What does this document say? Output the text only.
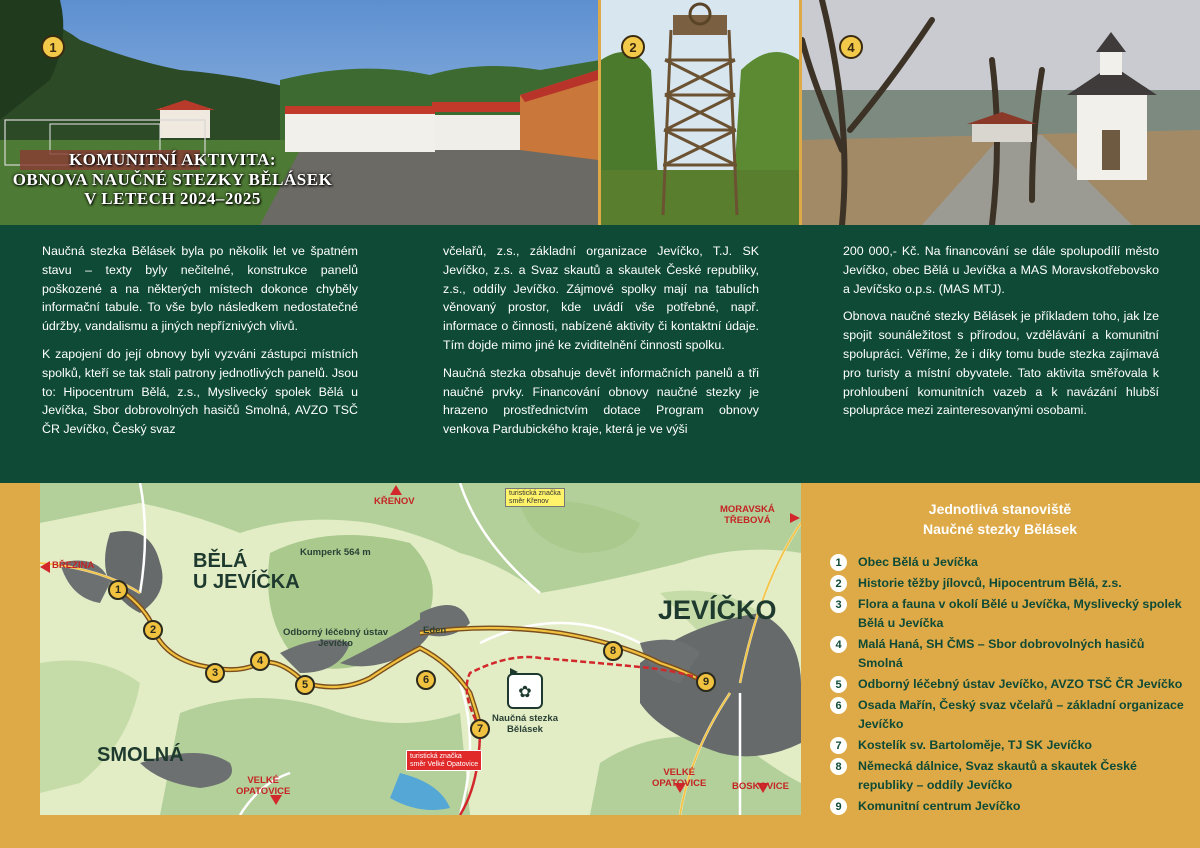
1
KOMUNITNÍ AKTIVITA:
OBNOVA NAUČNÉ STEZKY BĚLÁSEK
V LETECH 2024–2025
2	4

Naučná stezka Bělásek byla po několik let ve špatném stavu – texty byly nečitelné, konstrukce panelů poškozené a na některých místech dokonce chyběly informační tabule. To vše bylo následkem nedostatečné údržby, vandalismu a jiných nepříznivých vlivů.

K zapojení do její obnovy byli vyzváni zástupci místních spolků, kteří se tak stali patrony jednotlivých panelů. Jsou to: Hipocentrum Bělá, z.s., Myslivecký spolek Bělá u Jevíčka, Sbor dobrovolných hasičů Smolná, AVZO TSČ ČR Jevíčko, Český svaz

včelařů, z.s., základní organizace Jevíčko, T.J. SK Jevíčko, z.s. a Svaz skautů a skautek České republiky, z.s., oddíly Jevíčko. Zájmové spolky mají na tabulích věnovaný prostor, kde uvádí vše potřebné, např. informace o činnosti, nabízené aktivity či kontaktní údaje. Tím dojde mimo jiné ke zviditelnění činnosti spolku.

Naučná stezka obsahuje devět informačních panelů a tři naučné prvky. Financování obnovy naučné stezky je hrazeno prostřednictvím dotace Program obnovy venkova Pardubického kraje, která je ve výši

200 000,- Kč. Na financování se dále spolupodílí město Jevíčko, obec Bělá u Jevíčka a MAS Moravskotřebovsko a Jevíčsko o.p.s. (MAS MTJ).

Obnova naučné stezky Bělásek je příkladem toho, jak lze spojit sounáležitost s přírodou, vzdělávání a komunitní spolupráci. Věříme, že i díky tomu bude stezka zajímavá pro turisty a místní obyvatele. Tato aktivita směřovala k prohloubení komunitních vazeb a k navázání hlubší spolupráce mezi zainteresovanými osobami.

BĚLÁ
U JEVÍČKA
JEVÍČKO
SMOLNÁ
Kumperk 564 m
Odborný léčebný ústav
Jevíčko
Eden
Naučná stezka
Bělásek
✿
KŘENOV
BŘEZINA
MORAVSKÁ
TŘEBOVÁ
VELKÉ
OPATOVICE
VELKÉ
OPATOVICE	BOSKOVICE
turistická značka
směr Křenov
turistická značka
směr Velké Opatovice
1
2
3
4
5	6
7
8
9
Jednotlivá stanoviště
Naučné stezky Bělásek
1	Obec Bělá u Jevíčka
2	Historie těžby jílovců, Hipocentrum Bělá, z.s.
3	Flora a fauna v okolí Bělé u Jevíčka, Myslivecký spolek Bělá u Jevíčka
4	Malá Haná, SH ČMS – Sbor dobrovolných hasičů Smolná
5	Odborný léčebný ústav Jevíčko, AVZO TSČ ČR Jevíčko
6	Osada Mařín, Český svaz včelařů – základní organizace Jevíčko
7	Kostelík sv. Bartoloměje, TJ SK Jevíčko
8	Německá dálnice, Svaz skautů a skautek České republiky – oddíly Jevíčko
9	Komunitní centrum Jevíčko
